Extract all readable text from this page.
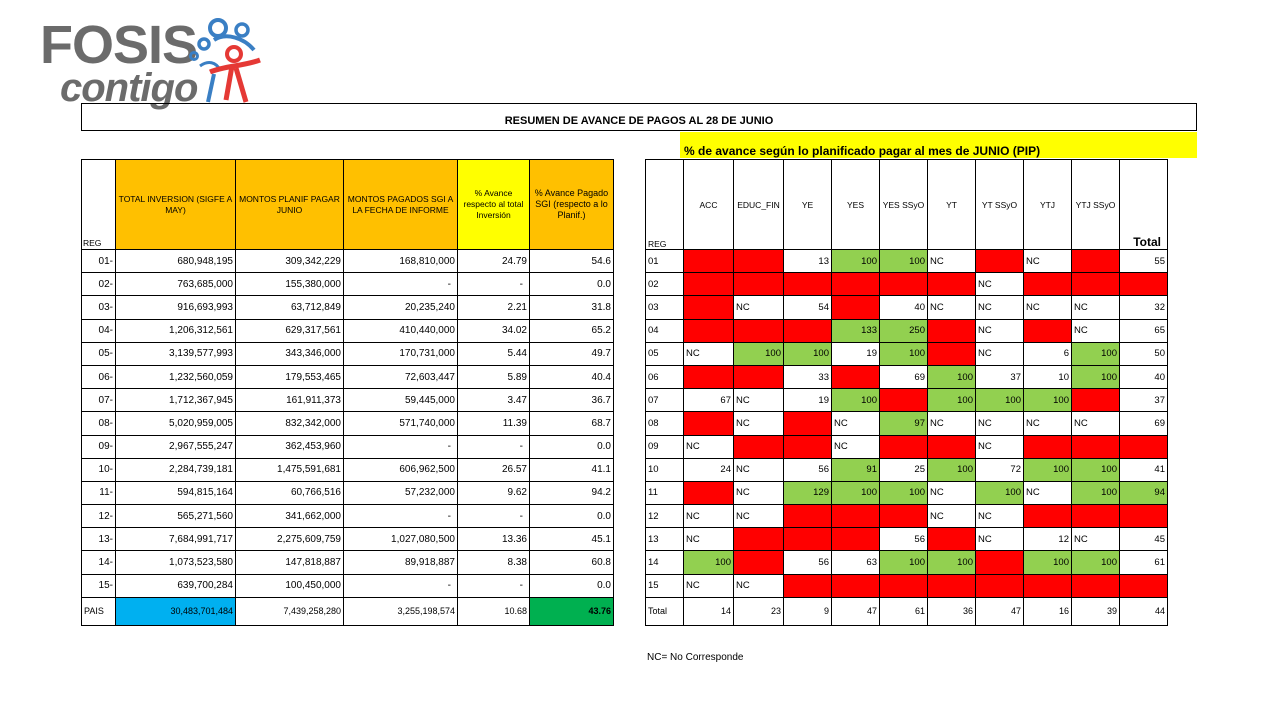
FOSIS
contigo
RESUMEN DE AVANCE DE PAGOS AL 28 DE JUNIO
% de avance según lo planificado pagar al mes de JUNIO (PIP)
REG	TOTAL INVERSION (SIGFE A MAY)	MONTOS PLANIF PAGAR JUNIO	MONTOS PAGADOS SGI A LA FECHA DE INFORME	% Avance respecto al total Inversión	% Avance Pagado SGI (respecto a lo Planif.)
01-	680,948,195	309,342,229	168,810,000	24.79	54.6
02-	763,685,000	155,380,000	-	-	0.0
03-	916,693,993	63,712,849	20,235,240	2.21	31.8
04-	1,206,312,561	629,317,561	410,440,000	34.02	65.2
05-	3,139,577,993	343,346,000	170,731,000	5.44	49.7
06-	1,232,560,059	179,553,465	72,603,447	5.89	40.4
07-	1,712,367,945	161,911,373	59,445,000	3.47	36.7
08-	5,020,959,005	832,342,000	571,740,000	11.39	68.7
09-	2,967,555,247	362,453,960	-	-	0.0
10-	2,284,739,181	1,475,591,681	606,962,500	26.57	41.1
11-	594,815,164	60,766,516	57,232,000	9.62	94.2
12-	565,271,560	341,662,000	-	-	0.0
13-	7,684,991,717	2,275,609,759	1,027,080,500	13.36	45.1
14-	1,073,523,580	147,818,887	89,918,887	8.38	60.8
15-	639,700,284	100,450,000	-	-	0.0
PAIS	30,483,701,484	7,439,258,280	3,255,198,574	10.68	43.76
REG	ACC	EDUC_FIN	YE	YES	YES SSyO	YT	YT SSyO	YTJ	YTJ SSyO	Total
01	-	-	13	100	100	NC		NC		55
02	-	-	-	-	-	-	NC	-	-	-
03	-	NC	54	-	40	NC	NC	NC	NC	32
04	-	-	-	133	250	-	NC	-	NC	65
05	NC	100	100	19	100	-	NC	6	100	50
06	-	-	33	-	69	100	37	10	100	40
07	67	NC	19	100	-	100	100	100	-	37
08		NC	-	NC	97	NC	NC	NC	NC	69
09	NC	-	-	NC	-	-	NC	-	-	-
10	24	NC	56	91	25	100	72	100	100	41
11		NC	129	100	100	NC	100	NC	100	94
12	NC	NC	-	-	-	NC	NC	-	-	-
13	NC	-	-	-	56	-	NC	12	NC	45
14	100	-	56	63	100	100		100	100	61
15	NC	NC	-	-	-	-	-	-	-	-
Total	14	23	9	47	61	36	47	16	39	44
NC= No Corresponde
